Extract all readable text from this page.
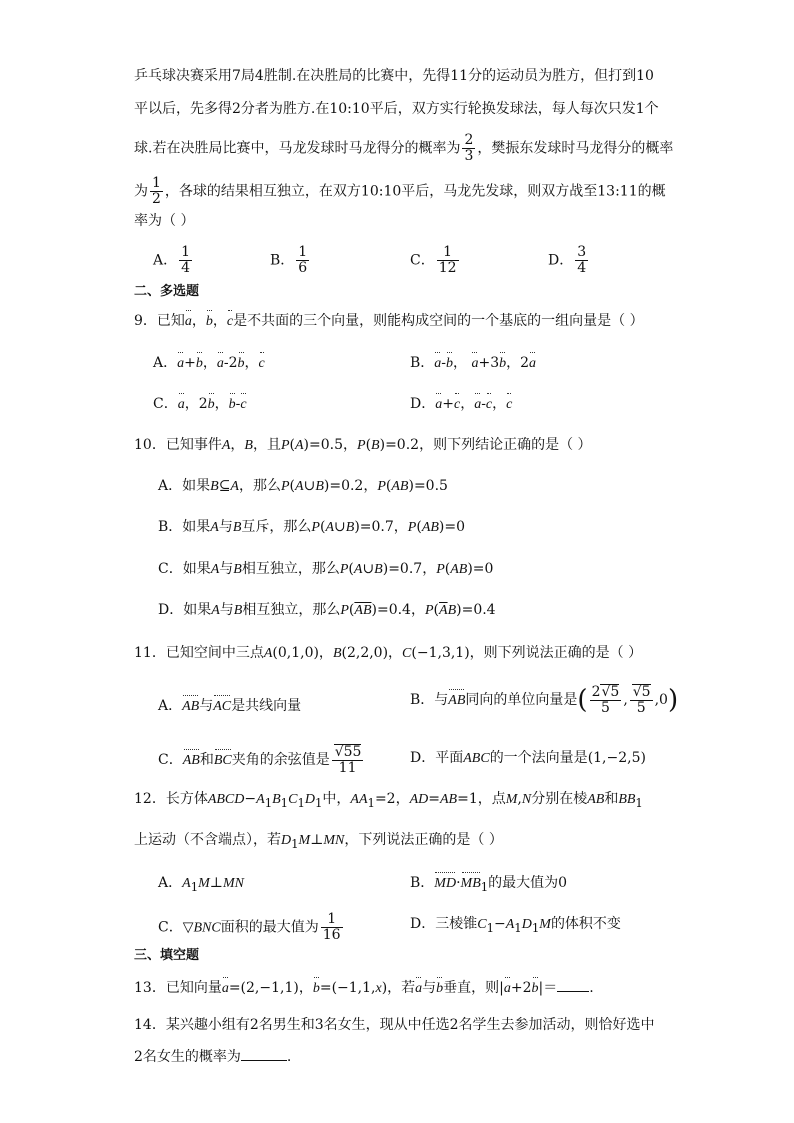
乒乓球决赛采用7局4胜制.在决胜局的比赛中，先得11分的运动员为胜方，但打到10
平以后，先多得2分者为胜方.在10:10平后，双方实行轮换发球法，每人每次只发1个
球.若在决胜局比赛中，马龙发球时马龙得分的概率为 $\frac{2}{3}$ ，樊振东发球时马龙得分的概率
为 $\frac{1}{2}$ ，各球的结果相互独立，在双方10:10平后，马龙先发球，则双方战至13:11的概
率为（ ）
A． $\frac{1}{4}$	B． $\frac{1}{6}$	C． $\frac{1}{12}$	D． $\frac{3}{4}$
二、多选题
9．已知a，b，c是不共面的三个向量，则能构成空间的一个基底的一组向量是（ ）
A．a+b，a-2b，c	B．a-b， a+3b，2a
C．a，2b，b-c	D．a+c，a-c，c
10．已知事件A，B，且P(A)=0.5，P(B)=0.2，则下列结论正确的是（ ）
A．如果B⊆A，那么P(A∪B)=0.2，P(AB)=0.5
B．如果A与B互斥，那么P(A∪B)=0.7，P(AB)=0
C．如果A与B相互独立，那么P(A∪B)=0.7，P(AB)=0
D．如果A与B相互独立，那么$P(\overline{AB})=0.4$，$P(\overline{A}B)=0.4$
11．已知空间中三点A(0,1,0)，B(2,2,0)，C(−1,3,1)，则下列说法正确的是（ ）
A．AB与AC是共线向量	B．与AB同向的单位向量是( $\frac{2√5}{5}$ , $\frac{√5}{5} ,0$)
C．AB和BC夹角的余弦值是 $\frac{√55}{11}$	D．平面ABC的一个法向量是(1,−2,5)
12．长方体$ABCD-A_1B_1C_1D_1$中，$AA_1=2$，AD=AB=1，点M,N分别在棱AB和$BB_1$
上运动（不含端点），若$D_1M\perp MN$，下列说法正确的是（ ）
A．$A_1M\perp MN$	B．$MD\cdot MB_1$的最大值为0
C．▽BNC面积的最大值为 $\frac{1}{16}$	D．三棱锥$C_1-A_1D_1M$的体积不变
三、填空题
13．已知向量a=(2,−1,1)，b=(−1,1,x)，若a与b垂直，则|a+2b|＝ .
14．某兴趣小组有2名男生和3名女生，现从中任选2名学生去参加活动，则恰好选中
2名女生的概率为	.
